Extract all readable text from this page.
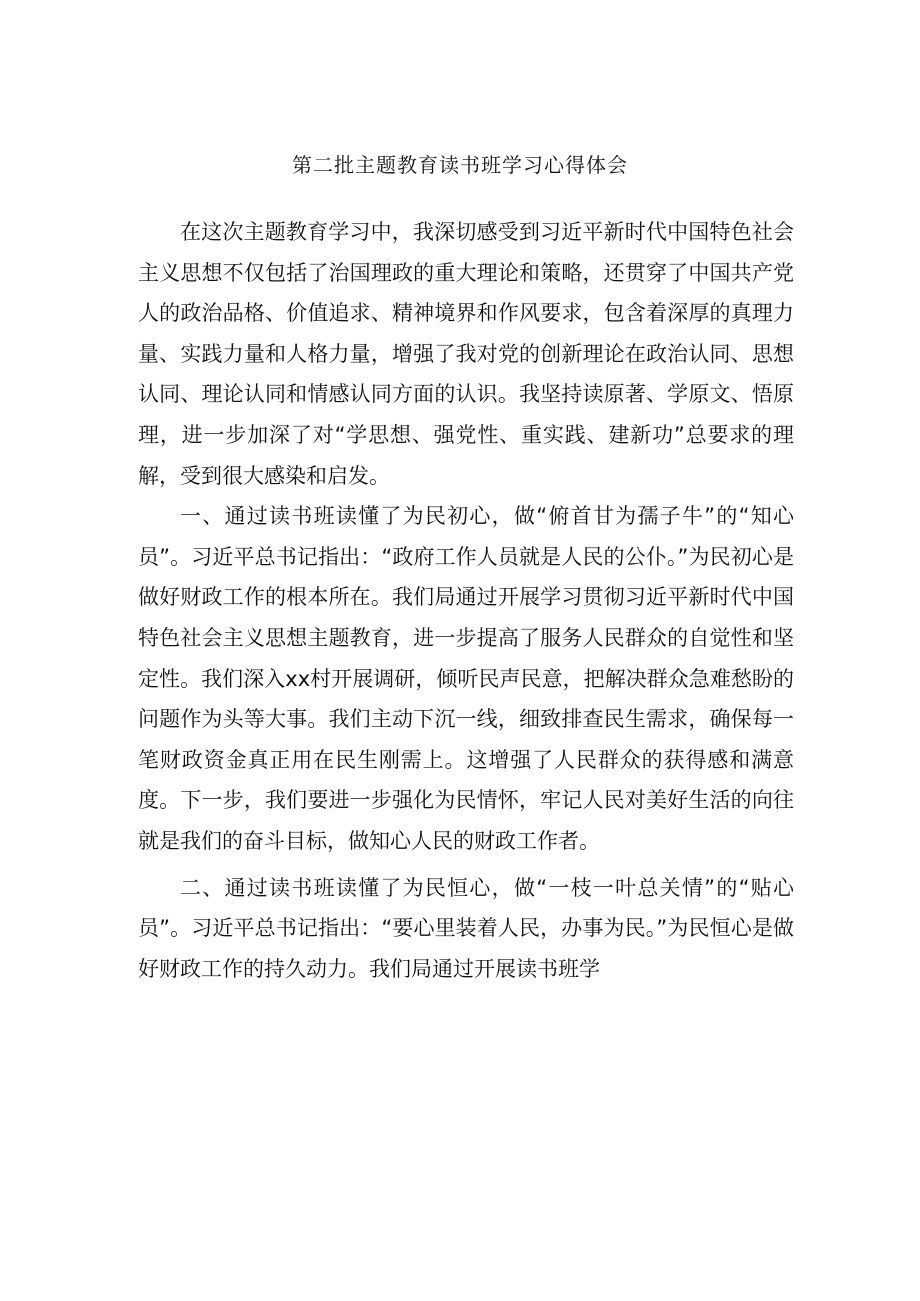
第二批主题教育读书班学习心得体会

在这次主题教育学习中，我深切感受到习近平新时代中国特色社会主义思想不仅包括了治国理政的重大理论和策略，还贯穿了中国共产党人的政治品格、价值追求、精神境界和作风要求，包含着深厚的真理力量、实践力量和人格力量，增强了我对党的创新理论在政治认同、思想认同、理论认同和情感认同方面的认识。我坚持读原著、学原文、悟原理，进一步加深了对“学思想、强党性、重实践、建新功”总要求的理解，受到很大感染和启发。

一、通过读书班读懂了为民初心，做“俯首甘为孺子牛”的“知心员”。习近平总书记指出：“政府工作人员就是人民的公仆。”为民初心是做好财政工作的根本所在。我们局通过开展学习贯彻习近平新时代中国特色社会主义思想主题教育，进一步提高了服务人民群众的自觉性和坚定性。我们深入xx村开展调研，倾听民声民意，把解决群众急难愁盼的问题作为头等大事。我们主动下沉一线，细致排查民生需求，确保每一笔财政资金真正用在民生刚需上。这增强了人民群众的获得感和满意度。下一步，我们要进一步强化为民情怀，牢记人民对美好生活的向往就是我们的奋斗目标，做知心人民的财政工作者。

二、通过读书班读懂了为民恒心，做“一枝一叶总关情”的“贴心员”。习近平总书记指出：“要心里装着人民，办事为民。”为民恒心是做好财政工作的持久动力。我们局通过开展读书班学
